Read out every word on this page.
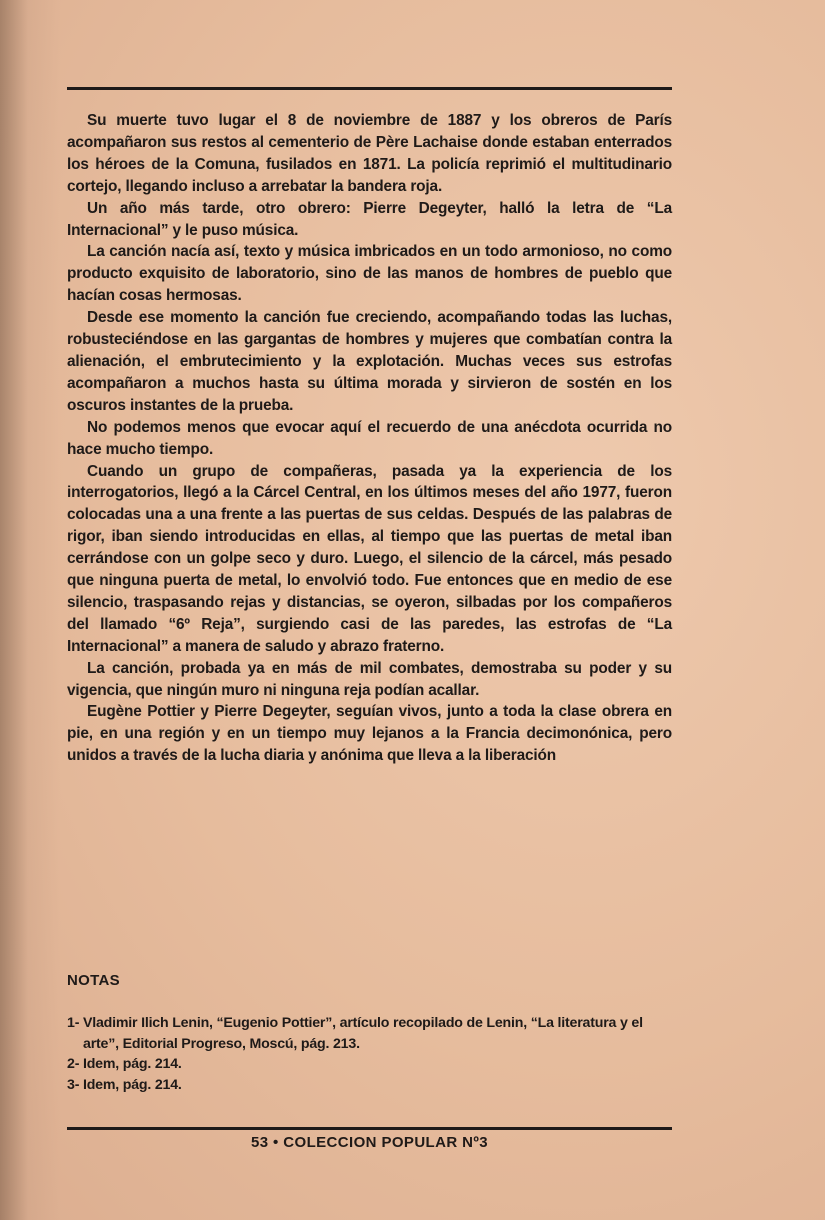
Su muerte tuvo lugar el 8 de noviembre de 1887 y los obreros de París acompañaron sus restos al cementerio de Père Lachaise donde estaban enterrados los héroes de la Comuna, fusilados en 1871. La policía reprimió el multitudinario cortejo, llegando incluso a arrebatar la bandera roja.

Un año más tarde, otro obrero: Pierre Degeyter, halló la letra de “La Internacional” y le puso música.

La canción nacía así, texto y música imbricados en un todo armonioso, no como producto exquisito de laboratorio, sino de las manos de hombres de pueblo que hacían cosas hermosas.

Desde ese momento la canción fue creciendo, acompañando todas las luchas, robusteciéndose en las gargantas de hombres y mujeres que combatían contra la alienación, el embrutecimiento y la explotación. Muchas veces sus estrofas acompañaron a muchos hasta su última morada y sirvieron de sostén en los oscuros instantes de la prueba.

No podemos menos que evocar aquí el recuerdo de una anécdota ocurrida no hace mucho tiempo.

Cuando un grupo de compañeras, pasada ya la experiencia de los interrogatorios, llegó a la Cárcel Central, en los últimos meses del año 1977, fueron colocadas una a una frente a las puertas de sus celdas. Después de las palabras de rigor, iban siendo introducidas en ellas, al tiempo que las puertas de metal iban cerrándose con un golpe seco y duro. Luego, el silencio de la cárcel, más pesado que ninguna puerta de metal, lo envolvió todo. Fue entonces que en medio de ese silencio, traspasando rejas y distancias, se oyeron, silbadas por los compañeros del llamado “6º Reja”, surgiendo casi de las paredes, las estrofas de “La Internacional” a manera de saludo y abrazo fraterno.

La canción, probada ya en más de mil combates, demostraba su poder y su vigencia, que ningún muro ni ninguna reja podían acallar.

Eugène Pottier y Pierre Degeyter, seguían vivos, junto a toda la clase obrera en pie, en una región y en un tiempo muy lejanos a la Francia decimonónica, pero unidos a través de la lucha diaria y anónima que lleva a la liberación

NOTAS

1- Vladimir Ilich Lenin, “Eugenio Pottier”, artículo recopilado de Lenin, “La literatura y el arte”, Editorial Progreso, Moscú, pág. 213.

2- Idem, pág. 214.

3- Idem, pág. 214.

53 • COLECCION POPULAR Nº3
